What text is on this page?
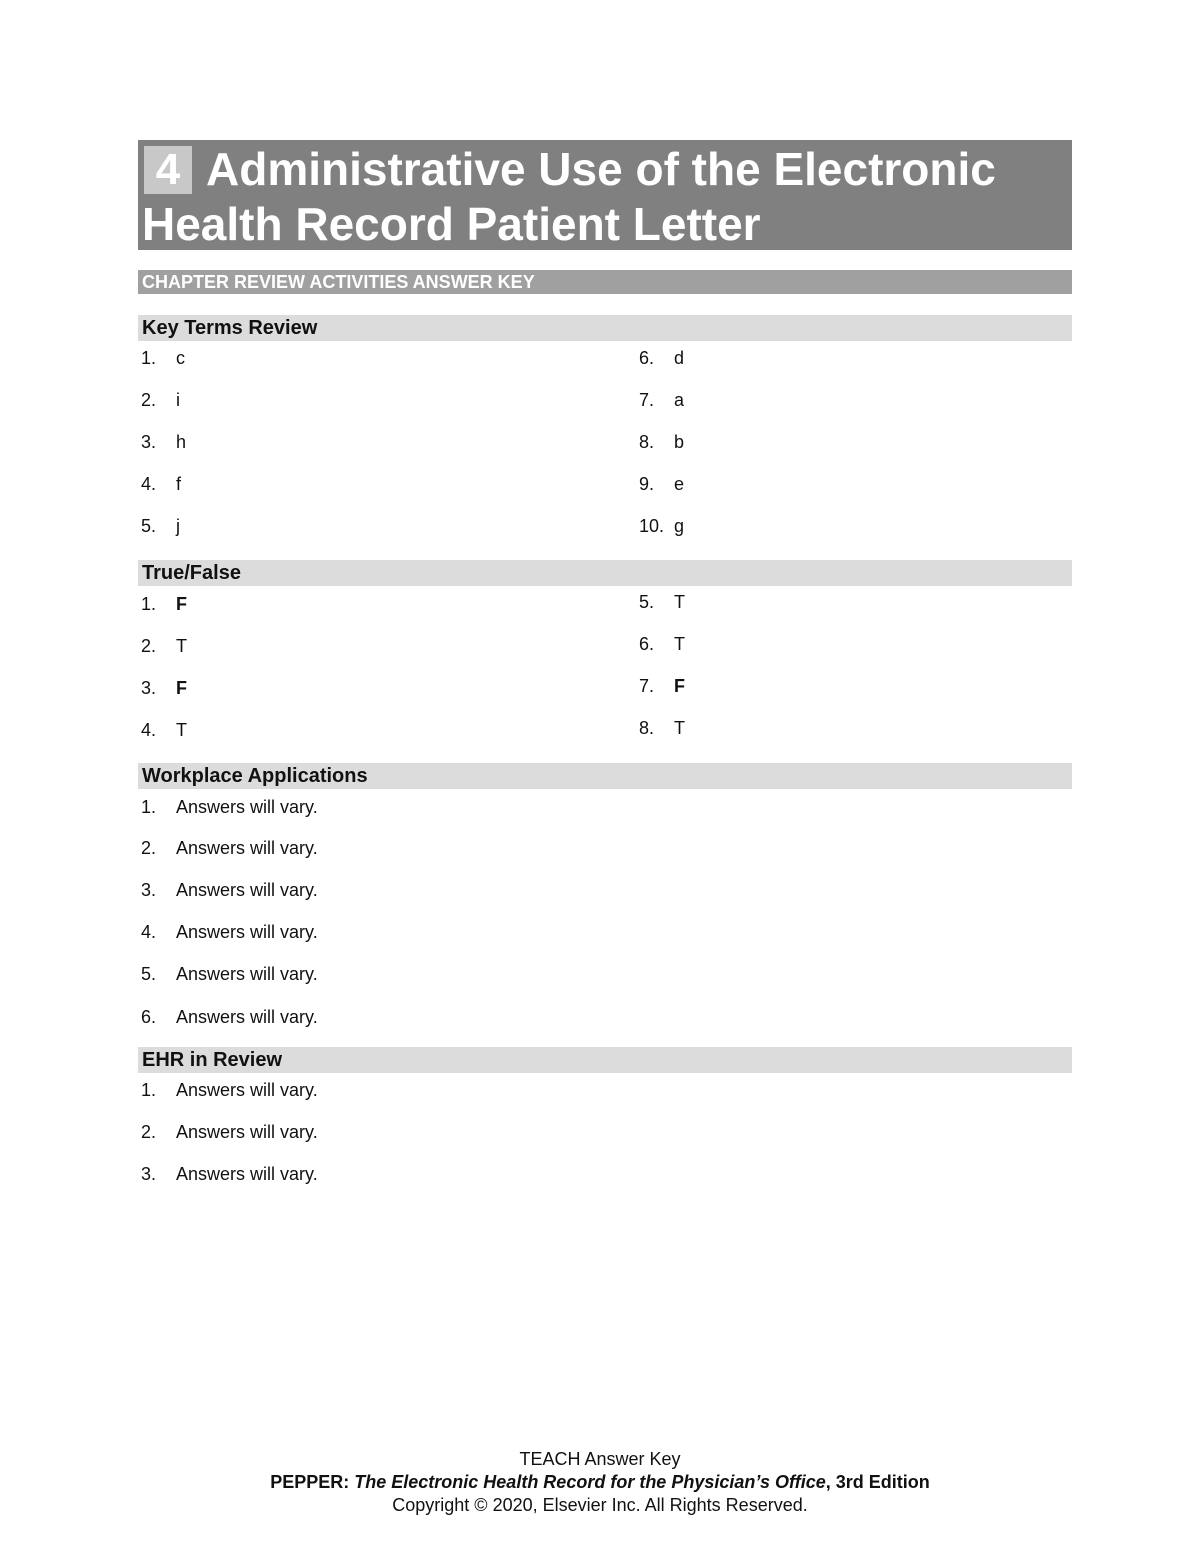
4 Administrative Use of the Electronic Health Record Patient Letter
CHAPTER REVIEW ACTIVITIES ANSWER KEY
Key Terms Review
1. c
2. i
3. h
4. f
5. j
6. d
7. a
8. b
9. e
10. g
True/False
1. F
2. T
3. F
4. T
5. T
6. T
7. F
8. T
Workplace Applications
1. Answers will vary.
2. Answers will vary.
3. Answers will vary.
4. Answers will vary.
5. Answers will vary.
6. Answers will vary.
EHR in Review
1. Answers will vary.
2. Answers will vary.
3. Answers will vary.
TEACH Answer Key
PEPPER: The Electronic Health Record for the Physician’s Office, 3rd Edition
Copyright © 2020, Elsevier Inc. All Rights Reserved.
